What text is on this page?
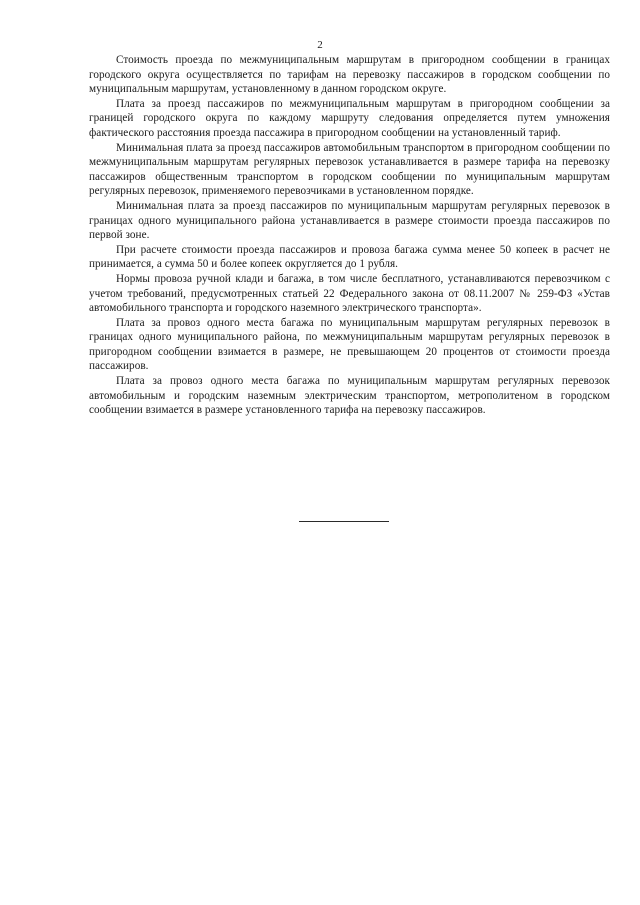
2

Стоимость проезда по межмуниципальным маршрутам в пригородном сообщении в границах городского округа осуществляется по тарифам на перевозку пассажиров в городском сообщении по муниципальным маршрутам, установленному в данном городском округе.

Плата за проезд пассажиров по межмуниципальным маршрутам в пригородном сообщении за границей городского округа по каждому маршруту следования определяется путем умножения фактического расстояния проезда пассажира в пригородном сообщении на установленный тариф.

Минимальная плата за проезд пассажиров автомобильным транспортом в пригородном сообщении по межмуниципальным маршрутам регулярных перевозок устанавливается в размере тарифа на перевозку пассажиров общественным транспортом в городском сообщении по муниципальным маршрутам регулярных перевозок, применяемого перевозчиками в установленном порядке.

Минимальная плата за проезд пассажиров по муниципальным маршрутам регулярных перевозок в границах одного муниципального района устанавливается в размере стоимости проезда пассажиров по первой зоне.

При расчете стоимости проезда пассажиров и провоза багажа сумма менее 50 копеек в расчет не принимается, а сумма 50 и более копеек округляется до 1 рубля.

Нормы провоза ручной клади и багажа, в том числе бесплатного, устанавливаются перевозчиком с учетом требований, предусмотренных статьей 22 Федерального закона от 08.11.2007 № 259-ФЗ «Устав автомобильного транспорта и городского наземного электрического транспорта».

Плата за провоз одного места багажа по муниципальным маршрутам регулярных перевозок в границах одного муниципального района, по межмуниципальным маршрутам регулярных перевозок в пригородном сообщении взимается в размере, не превышающем 20 процентов от стоимости проезда пассажиров.

Плата за провоз одного места багажа по муниципальным маршрутам регулярных перевозок автомобильным и городским наземным электрическим транспортом, метрополитеном в городском сообщении взимается в размере установленного тарифа на перевозку пассажиров.
